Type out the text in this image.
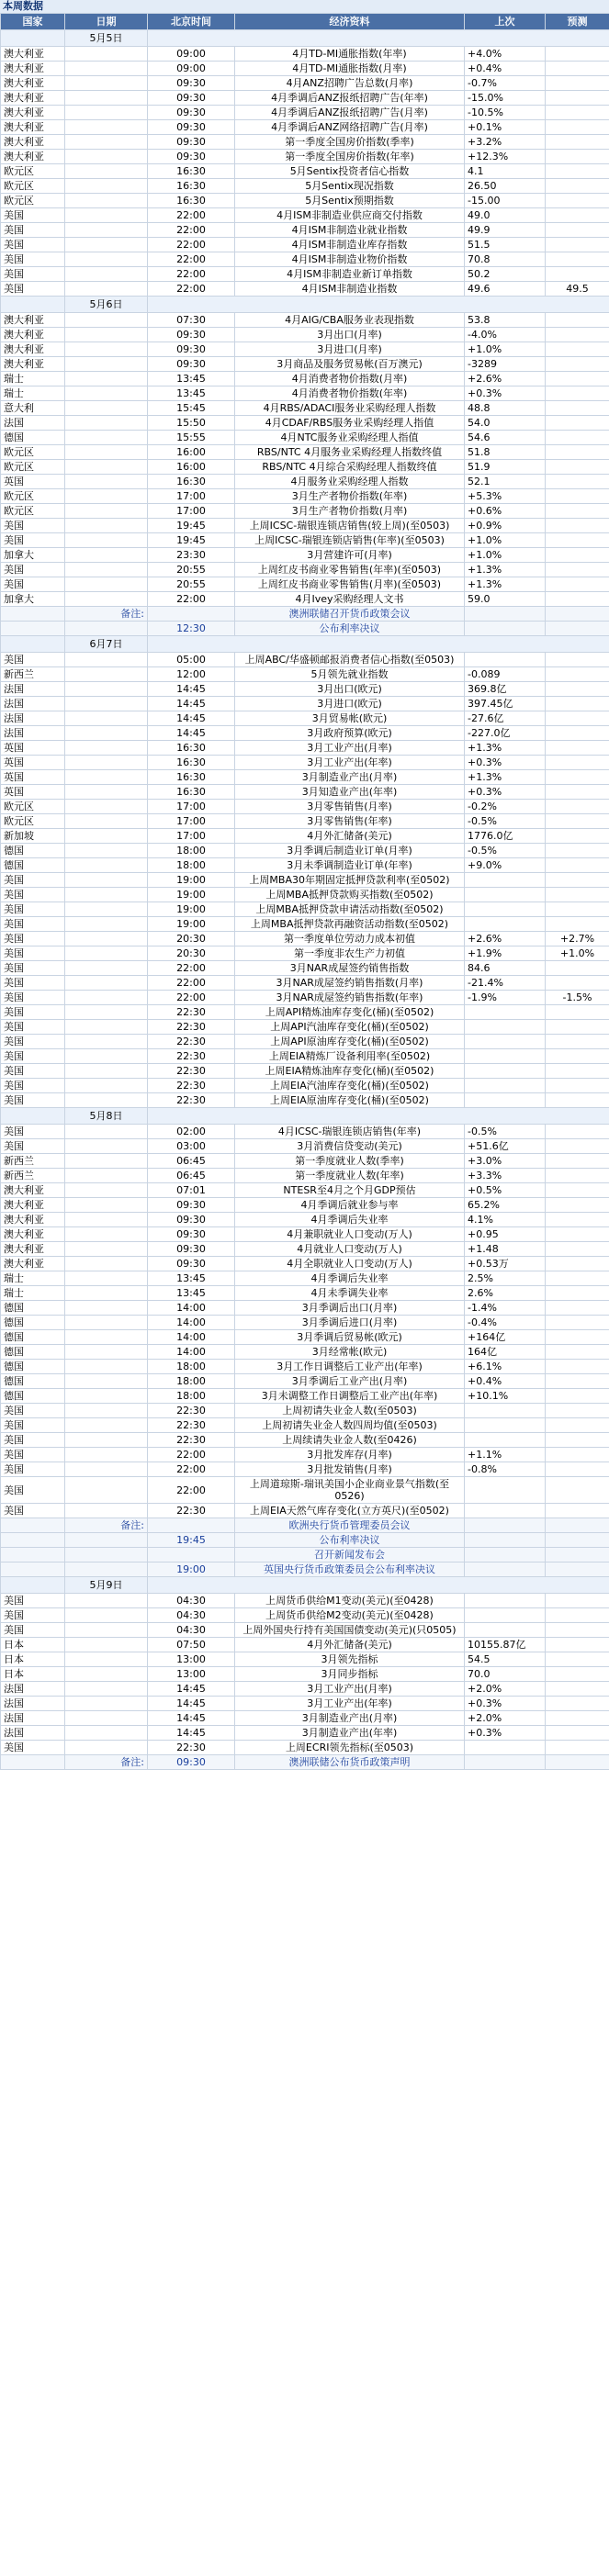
本周数据
国家	日期	北京时间	经济资料	上次	预测
	5月5日				
澳大利亚		09:00	4月TD-MI通胀指数(年率)	+4.0%	
澳大利亚		09:00	4月TD-MI通胀指数(月率)	+0.4%	
澳大利亚		09:30	4月ANZ招聘广告总数(月率)	-0.7%	
澳大利亚		09:30	4月季调后ANZ报纸招聘广告(年率)	-15.0%	
澳大利亚		09:30	4月季调后ANZ报纸招聘广告(月率)	-10.5%	
澳大利亚		09:30	4月季调后ANZ网络招聘广告(月率)	+0.1%	
澳大利亚		09:30	第一季度全国房价指数(季率)	+3.2%	
澳大利亚		09:30	第一季度全国房价指数(年率)	+12.3%	
欧元区		16:30	5月Sentix投资者信心指数	4.1	
欧元区		16:30	5月Sentix现况指数	26.50	
欧元区		16:30	5月Sentix预期指数	-15.00	
美国		22:00	4月ISM非制造业供应商交付指数	49.0	
美国		22:00	4月ISM非制造业就业指数	49.9	
美国		22:00	4月ISM非制造业库存指数	51.5	
美国		22:00	4月ISM非制造业物价指数	70.8	
美国		22:00	4月ISM非制造业新订单指数	50.2	
美国		22:00	4月ISM非制造业指数	49.6	49.5
	5月6日				
澳大利亚		07:30	4月AIG/CBA服务业表现指数	53.8	
澳大利亚		09:30	3月出口(月率)	-4.0%	
澳大利亚		09:30	3月进口(月率)	+1.0%	
澳大利亚		09:30	3月商品及服务贸易帐(百万澳元)	-3289	
瑞士		13:45	4月消费者物价指数(月率)	+2.6%	
瑞士		13:45	4月消费者物价指数(年率)	+0.3%	
意大利		15:45	4月RBS/ADACI服务业采购经理人指数	48.8	
法国		15:50	4月CDAF/RBS服务业采购经理人指值	54.0	
德国		15:55	4月NTC服务业采购经理人指值	54.6	
欧元区		16:00	RBS/NTC 4月服务业采购经理人指数终值	51.8	
欧元区		16:00	RBS/NTC 4月综合采购经理人指数终值	51.9	
英国		16:30	4月服务业采购经理人指数	52.1	
欧元区		17:00	3月生产者物价指数(年率)	+5.3%	
欧元区		17:00	3月生产者物价指数(月率)	+0.6%	
美国		19:45	上周ICSC-瑞银连锁店销售(较上周)(至0503)	+0.9%	
美国		19:45	上周ICSC-瑞银连锁店销售(年率)(至0503)	+1.0%	
加拿大		23:30	3月营建许可(月率)	+1.0%	
美国		20:55	上周红皮书商业零售销售(年率)(至0503)	+1.3%	
美国		20:55	上周红皮书商业零售销售(月率)(至0503)	+1.3%	
加拿大		22:00	4月Ivey采购经理人文书	59.0	
	备注:		澳洲联储召开货币政策会议		
		12:30	公布利率决议		
	6月7日				
美国		05:00	上周ABC/华盛顿邮报消费者信心指数(至0503)		
新西兰		12:00	5月领先就业指数	-0.089	
法国		14:45	3月出口(欧元)	369.8亿	
法国		14:45	3月进口(欧元)	397.45亿	
法国		14:45	3月贸易帐(欧元)	-27.6亿	
法国		14:45	3月政府预算(欧元)	-227.0亿	
英国		16:30	3月工业产出(月率)	+1.3%	
英国		16:30	3月工业产出(年率)	+0.3%	
英国		16:30	3月制造业产出(月率)	+1.3%	
英国		16:30	3月知造业产出(年率)	+0.3%	
欧元区		17:00	3月零售销售(月率)	-0.2%	
欧元区		17:00	3月零售销售(年率)	-0.5%	
新加坡		17:00	4月外汇储备(美元)	1776.0亿	
德国		18:00	3月季调后制造业订单(月率)	-0.5%	
德国		18:00	3月未季调制造业订单(年率)	+9.0%	
美国		19:00	上周MBA30年期固定抵押贷款利率(至0502)		
美国		19:00	上周MBA抵押贷款购买指数(至0502)		
美国		19:00	上周MBA抵押贷款申请活动指数(至0502)		
美国		19:00	上周MBA抵押贷款再融资活动指数(至0502)		
美国		20:30	第一季度单位劳动力成本初值	+2.6%	+2.7%
美国		20:30	第一季度非农生产力初值	+1.9%	+1.0%
美国		22:00	3月NAR成屋签约销售指数	84.6	
美国		22:00	3月NAR成屋签约销售指数(月率)	-21.4%	
美国		22:00	3月NAR成屋签约销售指数(年率)	-1.9%	-1.5%
美国		22:30	上周API精炼油库存变化(桶)(至0502)		
美国		22:30	上周API汽油库存变化(桶)(至0502)		
美国		22:30	上周API原油库存变化(桶)(至0502)		
美国		22:30	上周EIA精炼厂设备利用率(至0502)		
美国		22:30	上周EIA精炼油库存变化(桶)(至0502)		
美国		22:30	上周EIA汽油库存变化(桶)(至0502)		
美国		22:30	上周EIA原油库存变化(桶)(至0502)		
	5月8日				
美国		02:00	4月ICSC-瑞银连锁店销售(年率)	-0.5%	
美国		03:00	3月消费信贷变动(美元)	+51.6亿	
新西兰		06:45	第一季度就业人数(季率)	+3.0%	
新西兰		06:45	第一季度就业人数(年率)	+3.3%	
澳大利亚		07:01	NTESR至4月之个月GDP预估	+0.5%	
澳大利亚		09:30	4月季调后就业参与率	65.2%	
澳大利亚		09:30	4月季调后失业率	4.1%	
澳大利亚		09:30	4月兼职就业人口变动(万人)	+0.95	
澳大利亚		09:30	4月就业人口变动(万人)	+1.48	
澳大利亚		09:30	4月全职就业人口变动(万人)	+0.53万	
瑞士		13:45	4月季调后失业率	2.5%	
瑞士		13:45	4月未季调失业率	2.6%	
德国		14:00	3月季调后出口(月率)	-1.4%	
德国		14:00	3月季调后进口(月率)	-0.4%	
德国		14:00	3月季调后贸易帐(欧元)	+164亿	
德国		14:00	3月经常帐(欧元)	164亿	
德国		18:00	3月工作日调整后工业产出(年率)	+6.1%	
德国		18:00	3月季调后工业产出(月率)	+0.4%	
德国		18:00	3月未调整工作日调整后工业产出(年率)	+10.1%	
美国		22:30	上周初请失业金人数(至0503)		
美国		22:30	上周初请失业金人数四周均值(至0503)		
美国		22:30	上周续请失业金人数(至0426)		
美国		22:00	3月批发库存(月率)	+1.1%	
美国		22:00	3月批发销售(月率)	-0.8%	
美国		22:00	上周道琼斯-瑞讯美国小企业商业景气指数(至0526)		
美国		22:30	上周EIA天然气库存变化(立方英尺)(至0502)		
	备注:		欧洲央行货币管理委员会议		
		19:45	公布利率决议		
			召开新闻发布会		
		19:00	英国央行货币政策委员会公布利率决议		
	5月9日				
美国		04:30	上周货币供给M1变动(美元)(至0428)		
美国		04:30	上周货币供给M2变动(美元)(至0428)		
美国		04:30	上周外国央行持有美国国债变动(美元)(只0505)		
日本		07:50	4月外汇储备(美元)	10155.87亿	
日本		13:00	3月领先指标	54.5	
日本		13:00	3月同步指标	70.0	
法国		14:45	3月工业产出(月率)	+2.0%	
法国		14:45	3月工业产出(年率)	+0.3%	
法国		14:45	3月制造业产出(月率)	+2.0%	
法国		14:45	3月制造业产出(年率)	+0.3%	
美国		22:30	上周ECRI领先指标(至0503)		
	备注:	09:30	澳洲联储公布货币政策声明		
